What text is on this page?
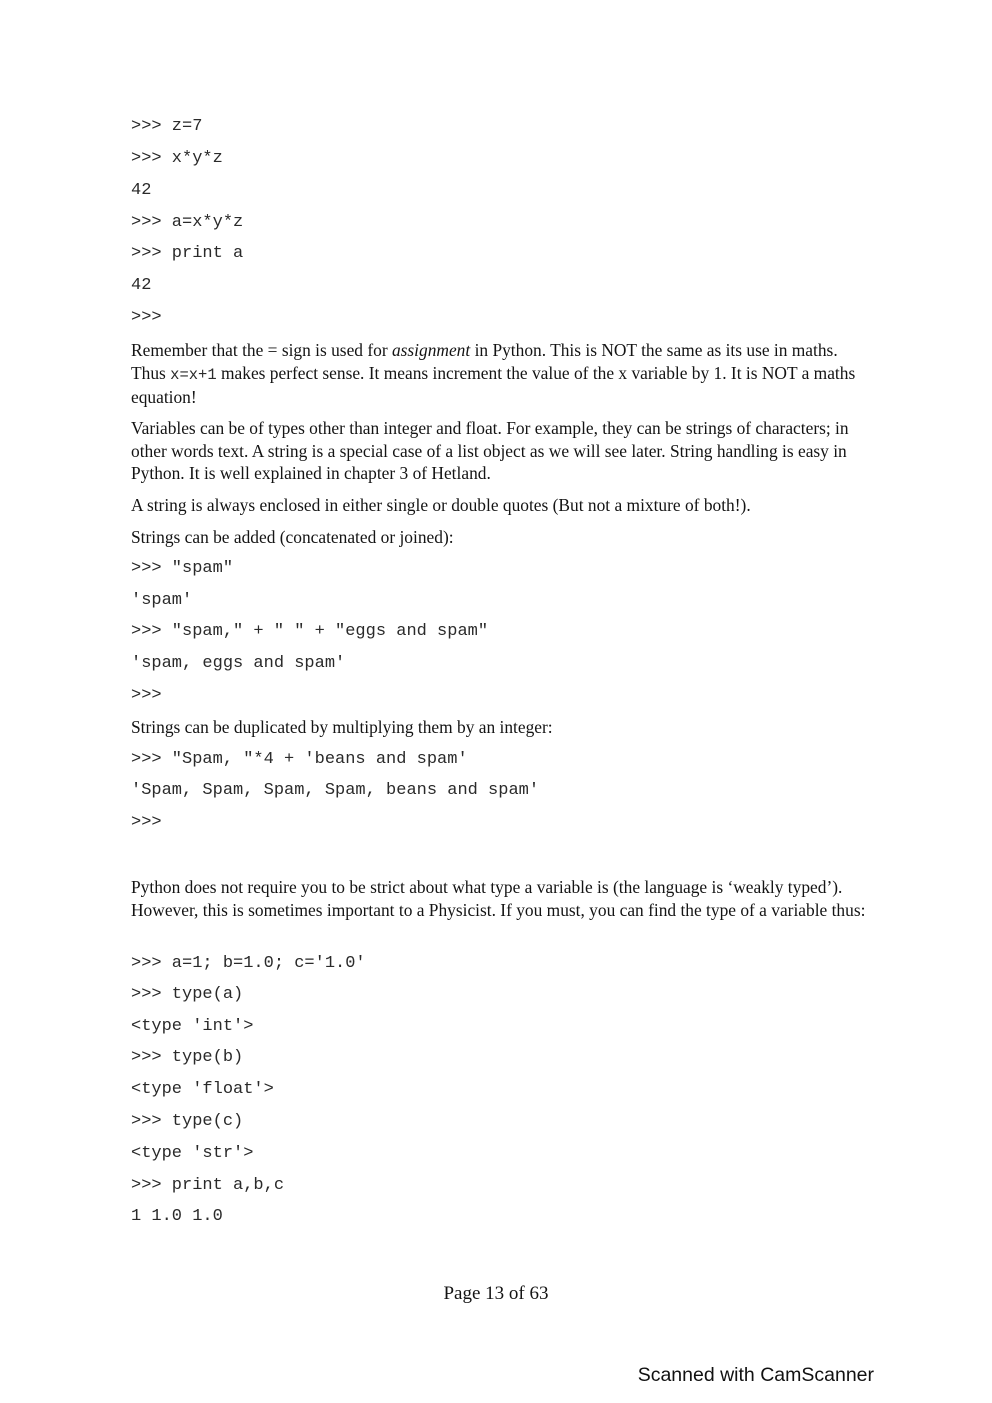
>>> z=7

>>> x*y*z

42

>>> a=x*y*z

>>> print a

42

>>>

Remember that the = sign is used for assignment in Python. This is NOT the same as its use in maths. Thus x=x+1 makes perfect sense. It means increment the value of the x variable by 1. It is NOT a maths equation!

Variables can be of types other than integer and float. For example, they can be strings of characters; in other words text. A string is a special case of a list object as we will see later. String handling is easy in Python. It is well explained in chapter 3 of Hetland.

A string is always enclosed in either single or double quotes (But not a mixture of both!).

Strings can be added (concatenated or joined):

>>> "spam"

'spam'

>>> "spam," + " " + "eggs and spam"

'spam, eggs and spam'

>>>

Strings can be duplicated by multiplying them by an integer:

>>> "Spam, "*4 + 'beans and spam'

'Spam, Spam, Spam, Spam, beans and spam'

>>>

Python does not require you to be strict about what type a variable is (the language is ‘weakly typed’). However, this is sometimes important to a Physicist. If you must, you can find the type of a variable thus:

>>> a=1; b=1.0; c='1.0'

>>> type(a)

<type 'int'>

>>> type(b)

<type 'float'>

>>> type(c)

<type 'str'>

>>> print a,b,c

1 1.0 1.0

Page 13 of 63
Scanned with CamScanner
